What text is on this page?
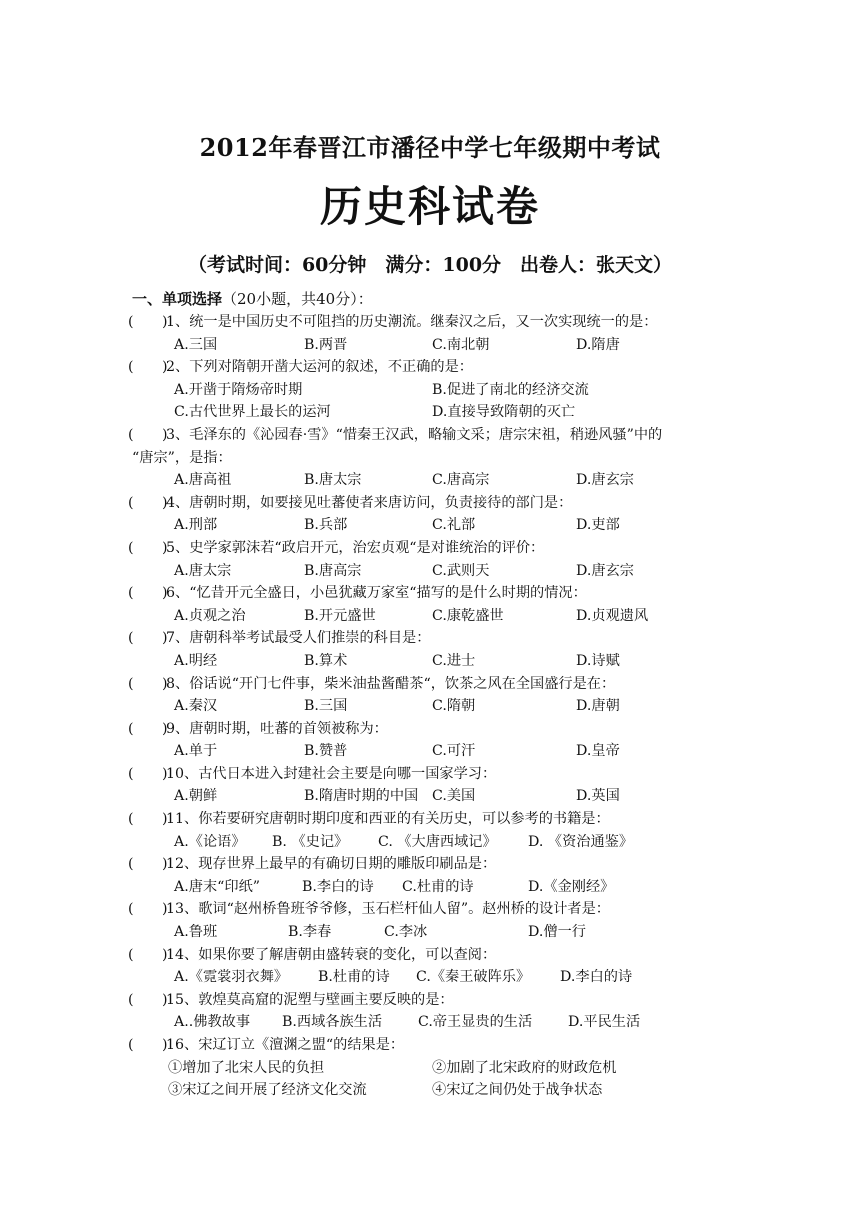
2012年春晋江市潘径中学七年级期中考试
历史科试卷
（考试时间：60分钟　满分：100分　出卷人：张天文）
一、单项选择（20小题，共40分）：
( )
1、统一是中国历史不可阻挡的历史潮流。继秦汉之后，又一次实现统一的是：
A.三国	B.两晋	C.南北朝	D.隋唐
( )
2、下列对隋朝开凿大运河的叙述，不正确的是：
A.开凿于隋炀帝时期	B.促进了南北的经济交流
C.古代世界上最长的运河	D.直接导致隋朝的灭亡
( )
3、毛泽东的《沁园春·雪》“惜秦王汉武，略输文采；唐宗宋祖，稍逊风骚”中的
“唐宗”，是指：
A.唐高祖	B.唐太宗	C.唐高宗	D.唐玄宗
( )
4、唐朝时期，如要接见吐蕃使者来唐访问，负责接待的部门是：
A.刑部	B.兵部	C.礼部	D.吏部
( )
5、史学家郭沫若“政启开元，治宏贞观“是对谁统治的评价：
A.唐太宗	B.唐高宗	C.武则天	D.唐玄宗
( )
6、“忆昔开元全盛日，小邑犹藏万家室“描写的是什么时期的情况：
A.贞观之治	B.开元盛世	C.康乾盛世	D.贞观遗风
( )
7、唐朝科举考试最受人们推崇的科目是：
A.明经	B.算术	C.进士	D.诗赋
( )
8、俗话说“开门七件事，柴米油盐酱醋茶“，饮茶之风在全国盛行是在：
A.秦汉	B.三国	C.隋朝	D.唐朝
( )
9、唐朝时期，吐蕃的首领被称为：
A.单于	B.赞普	C.可汗	D.皇帝
( )
10、古代日本进入封建社会主要是向哪一国家学习：
A.朝鲜	B.隋唐时期的中国 C.美国	D.英国
( )
11、你若要研究唐朝时期印度和西亚的有关历史，可以参考的书籍是：
A.《论语》 B. 《史记》 C. 《大唐西域记》 D. 《资治通鉴》
( )
12、现存世界上最早的有确切日期的雕版印刷品是：
A.唐末“印纸”	B.李白的诗 C.杜甫的诗	D.《金刚经》
( )
13、歌词“赵州桥鲁班爷爷修，玉石栏杆仙人留”。赵州桥的设计者是：
A.鲁班	B.李春	C.李冰	D.僧一行
( )
14、如果你要了解唐朝由盛转衰的变化，可以查阅：
A.《霓裳羽衣舞》 B.杜甫的诗 C.《秦王破阵乐》 D.李白的诗
( )
15、敦煌莫高窟的泥塑与壁画主要反映的是：
A..佛教故事 B.西域各族生活	C.帝王显贵的生活	D.平民生活
( )
16、宋辽订立《澶渊之盟“的结果是：
①增加了北宋人民的负担	②加剧了北宋政府的财政危机
③宋辽之间开展了经济文化交流	④宋辽之间仍处于战争状态
